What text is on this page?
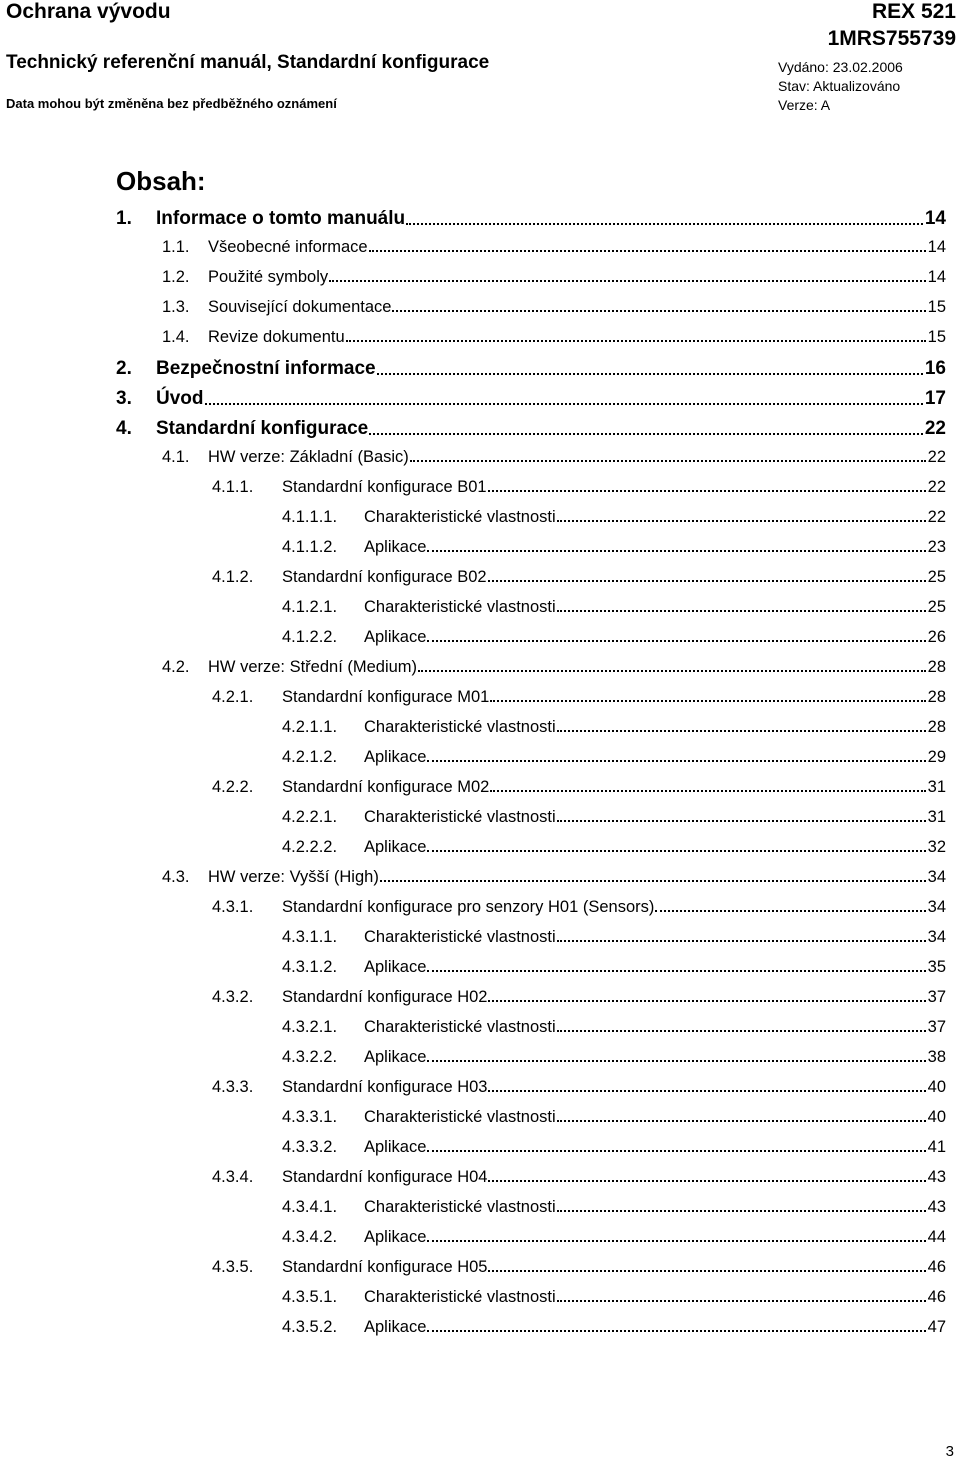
Ochrana vývodu
Technický referenční manuál, Standardní konfigurace
Data mohou být změněna bez předběžného oznámení
REX 521
1MRS755739
Vydáno: 23.02.2006
Stav: Aktualizováno
Verze: A
Obsah:
1.	Informace o tomto manuálu	14
1.1.	Všeobecné informace	14
1.2.	Použité symboly	14
1.3.	Související dokumentace	15
1.4.	Revize dokumentu	15
2.	Bezpečnostní informace	16
3.	Úvod	17
4.	Standardní konfigurace	22
4.1.	HW verze: Základní (Basic)	22
4.1.1.	Standardní konfigurace B01	22
4.1.1.1.	Charakteristické vlastnosti	22
4.1.1.2.	Aplikace	23
4.1.2.	Standardní konfigurace B02	25
4.1.2.1.	Charakteristické vlastnosti	25
4.1.2.2.	Aplikace	26
4.2.	HW verze: Střední (Medium)	28
4.2.1.	Standardní konfigurace M01	28
4.2.1.1.	Charakteristické vlastnosti	28
4.2.1.2.	Aplikace	29
4.2.2.	Standardní konfigurace M02	31
4.2.2.1.	Charakteristické vlastnosti	31
4.2.2.2.	Aplikace	32
4.3.	HW verze: Vyšší (High)	34
4.3.1.	Standardní konfigurace pro senzory H01 (Sensors)	34
4.3.1.1.	Charakteristické vlastnosti	34
4.3.1.2.	Aplikace	35
4.3.2.	Standardní konfigurace H02	37
4.3.2.1.	Charakteristické vlastnosti	37
4.3.2.2.	Aplikace	38
4.3.3.	Standardní konfigurace H03	40
4.3.3.1.	Charakteristické vlastnosti	40
4.3.3.2.	Aplikace	41
4.3.4.	Standardní konfigurace H04	43
4.3.4.1.	Charakteristické vlastnosti	43
4.3.4.2.	Aplikace	44
4.3.5.	Standardní konfigurace H05	46
4.3.5.1.	Charakteristické vlastnosti	46
4.3.5.2.	Aplikace	47
3
